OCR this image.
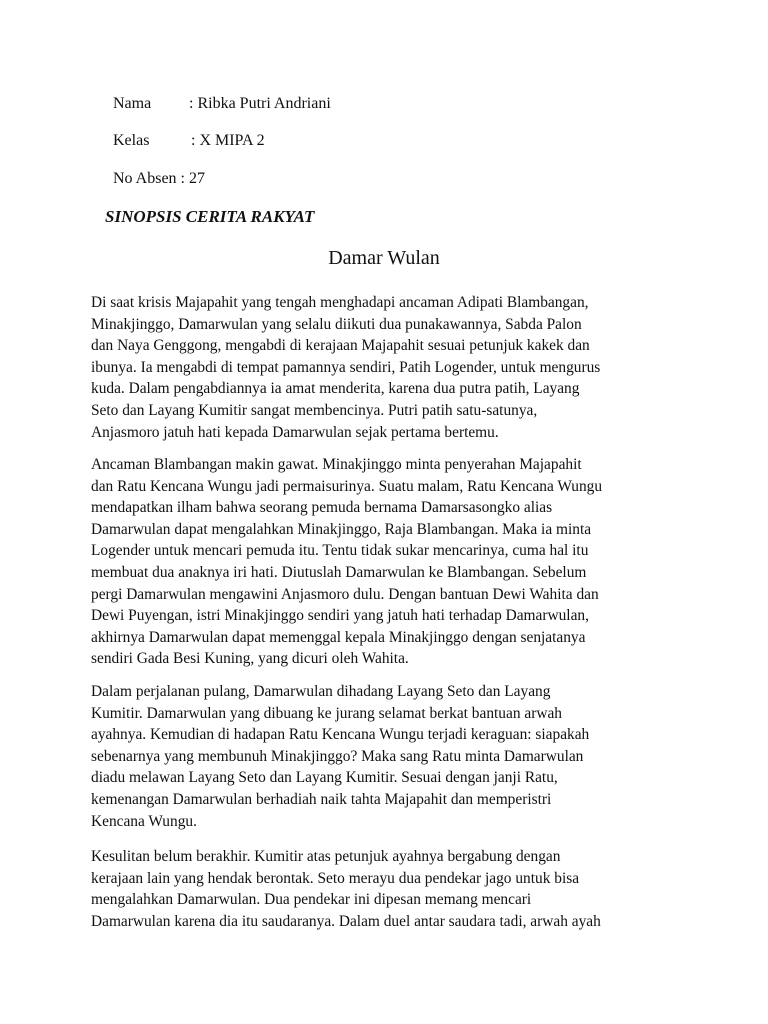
Nama : Ribka Putri Andriani
Kelas	: X MIPA 2
No Absen : 27
SINOPSIS CERITA RAKYAT
Damar Wulan
Di saat krisis Majapahit yang tengah menghadapi ancaman Adipati Blambangan,
Minakjinggo, Damarwulan yang selalu diikuti dua punakawannya, Sabda Palon
dan Naya Genggong, mengabdi di kerajaan Majapahit sesuai petunjuk kakek dan
ibunya. Ia mengabdi di tempat pamannya sendiri, Patih Logender, untuk mengurus
kuda. Dalam pengabdiannya ia amat menderita, karena dua putra patih, Layang
Seto dan Layang Kumitir sangat membencinya. Putri patih satu-satunya,
Anjasmoro jatuh hati kepada Damarwulan sejak pertama bertemu.
Ancaman Blambangan makin gawat. Minakjinggo minta penyerahan Majapahit
dan Ratu Kencana Wungu jadi permaisurinya. Suatu malam, Ratu Kencana Wungu
mendapatkan ilham bahwa seorang pemuda bernama Damarsasongko alias
Damarwulan dapat mengalahkan Minakjinggo, Raja Blambangan. Maka ia minta
Logender untuk mencari pemuda itu. Tentu tidak sukar mencarinya, cuma hal itu
membuat dua anaknya iri hati. Diutuslah Damarwulan ke Blambangan. Sebelum
pergi Damarwulan mengawini Anjasmoro dulu. Dengan bantuan Dewi Wahita dan
Dewi Puyengan, istri Minakjinggo sendiri yang jatuh hati terhadap Damarwulan,
akhirnya Damarwulan dapat memenggal kepala Minakjinggo dengan senjatanya
sendiri Gada Besi Kuning, yang dicuri oleh Wahita.
Dalam perjalanan pulang, Damarwulan dihadang Layang Seto dan Layang
Kumitir. Damarwulan yang dibuang ke jurang selamat berkat bantuan arwah
ayahnya. Kemudian di hadapan Ratu Kencana Wungu terjadi keraguan: siapakah
sebenarnya yang membunuh Minakjinggo? Maka sang Ratu minta Damarwulan
diadu melawan Layang Seto dan Layang Kumitir. Sesuai dengan janji Ratu,
kemenangan Damarwulan berhadiah naik tahta Majapahit dan memperistri
Kencana Wungu.
Kesulitan belum berakhir. Kumitir atas petunjuk ayahnya bergabung dengan
kerajaan lain yang hendak berontak. Seto merayu dua pendekar jago untuk bisa
mengalahkan Damarwulan. Dua pendekar ini dipesan memang mencari
Damarwulan karena dia itu saudaranya. Dalam duel antar saudara tadi, arwah ayah
